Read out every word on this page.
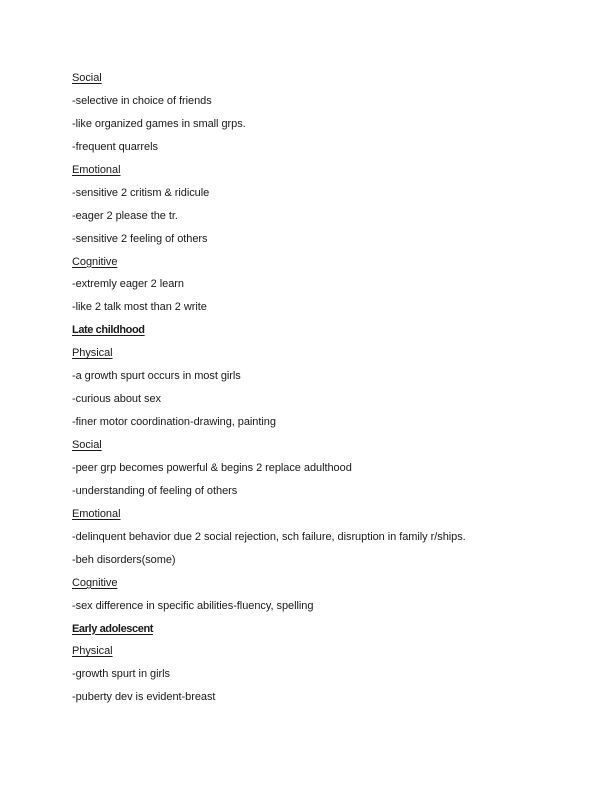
Social
-selective in choice of friends
-like organized games in small grps.
-frequent quarrels
Emotional
-sensitive 2 critism & ridicule
-eager 2 please the tr.
-sensitive 2 feeling of others
Cognitive
-extremly eager 2 learn
-like 2 talk most than 2 write
Late childhood
Physical
-a growth spurt occurs in most girls
-curious about sex
-finer motor coordination-drawing, painting
Social
-peer grp becomes powerful & begins 2 replace adulthood
-understanding of feeling of others
Emotional
-delinquent behavior due 2 social rejection, sch failure, disruption in family r/ships.
-beh disorders(some)
Cognitive
-sex difference in specific abilities-fluency, spelling
Early adolescent
Physical
-growth spurt in girls
-puberty dev is evident-breast
